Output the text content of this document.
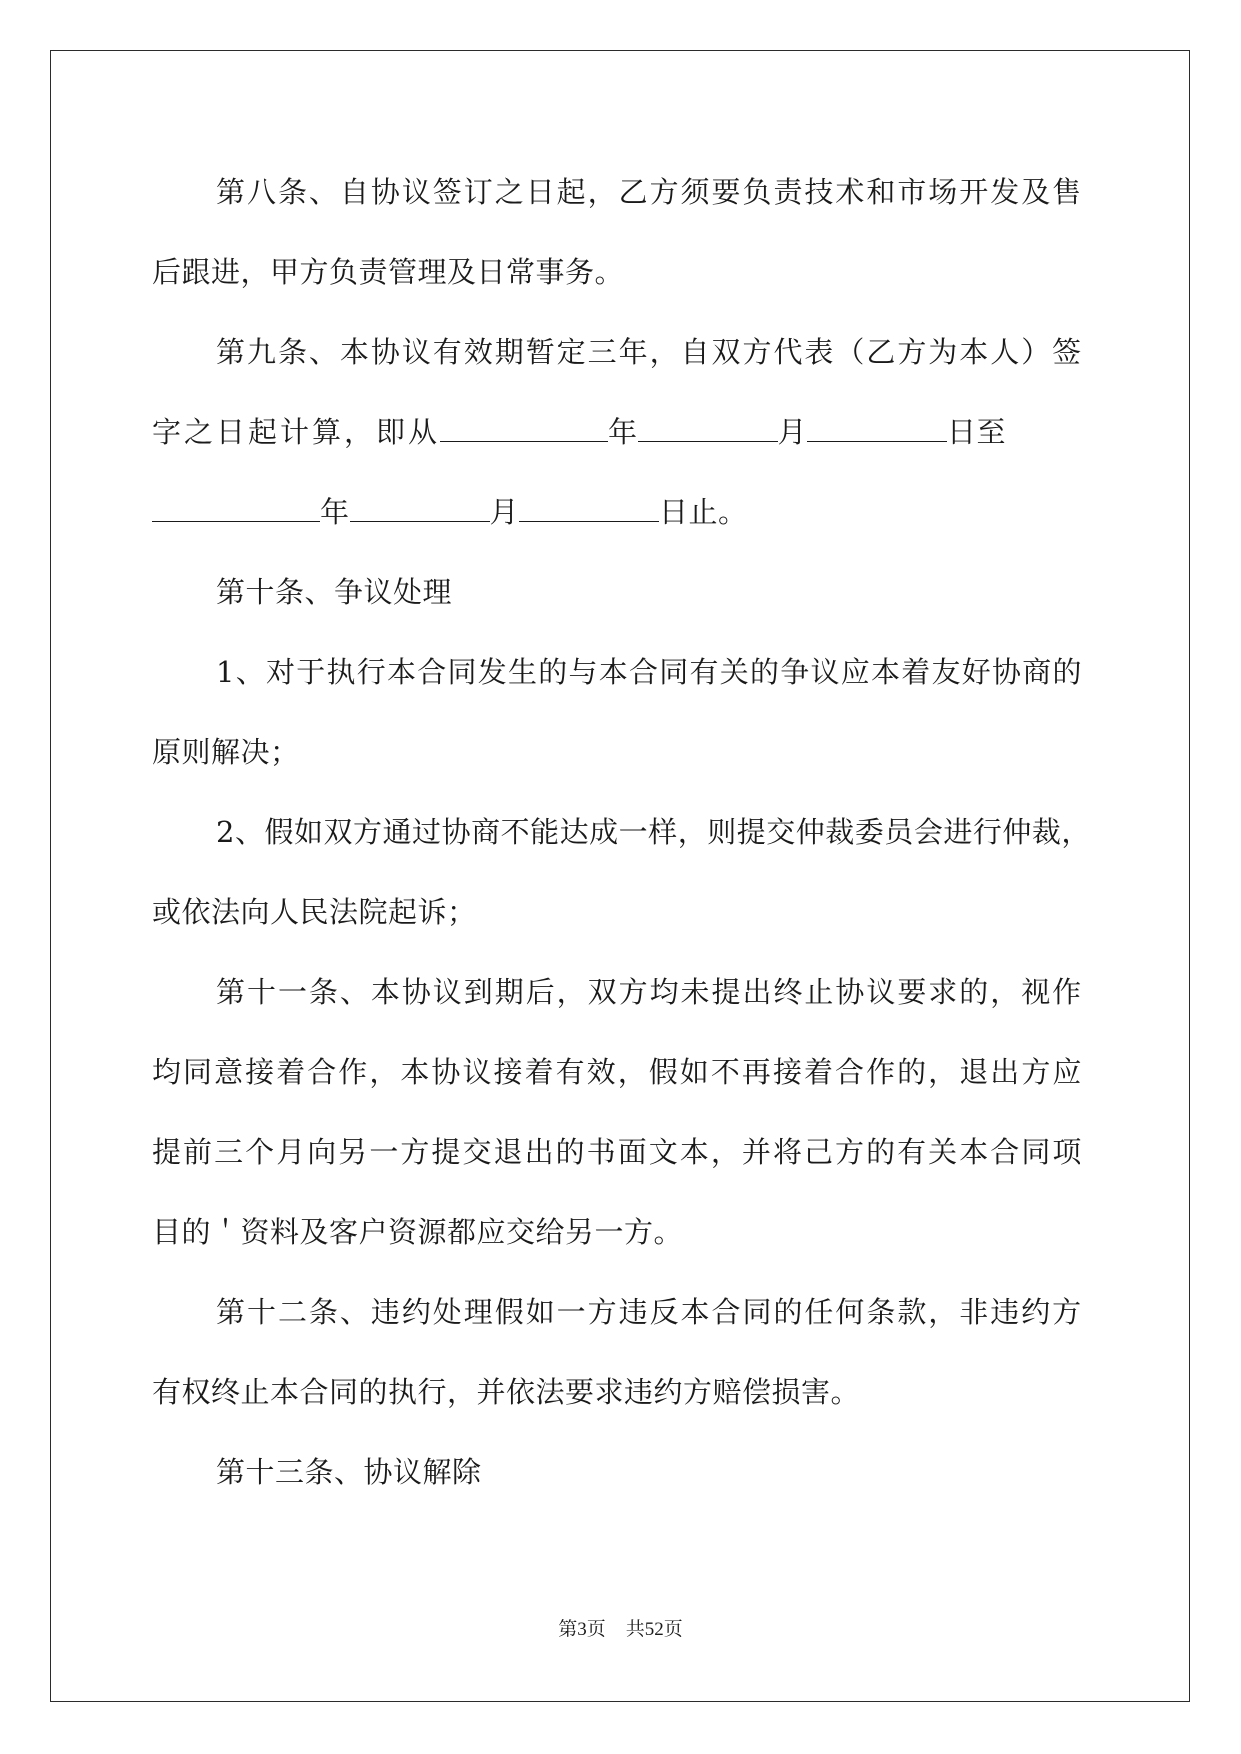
第 八 条 、 自 协 议 签 订 之 日 起 ， 乙 方 须 要 负 责 技 术 和 市 场 开 发 及 售
后跟进，甲方负责管理及日常事务。
第 九 条 、 本 协 议 有 效 期 暂 定 三 年 ， 自 双 方 代 表 （ 乙 方 为 本 人 ） 签
字之日起计算，即从	年	月	日至
年	月	日止。
第十条、争议处理
1 、 对 于 执 行 本 合 同 发 生 的 与 本 合 同 有 关 的 争 议 应 本 着 友 好 协 商 的
原则解决；
2 、 假 如 双 方 通 过 协 商 不 能 达 成 一 样 ， 则 提 交 仲 裁 委 员 会 进 行 仲 裁 ，
或依法向人民法院起诉；
第 十 一 条 、 本 协 议 到 期 后 ， 双 方 均 未 提 出 终 止 协 议 要 求 的 ， 视 作
均 同 意 接 着 合 作 ， 本 协 议 接 着 有 效 ， 假 如 不 再 接 着 合 作 的 ， 退 出 方 应
提 前 三 个 月 向 另 一 方 提 交 退 出 的 书 面 文 本 ， 并 将 己 方 的 有 关 本 合 同 项
目的＇资料及客户资源都应交给另一方。
第 十 二 条 、 违 约 处 理 假 如 一 方 违 反 本 合 同 的 任 何 条 款 ， 非 违 约 方
有权终止本合同的执行，并依法要求违约方赔偿损害。
第十三条、协议解除
第3页 共52页
